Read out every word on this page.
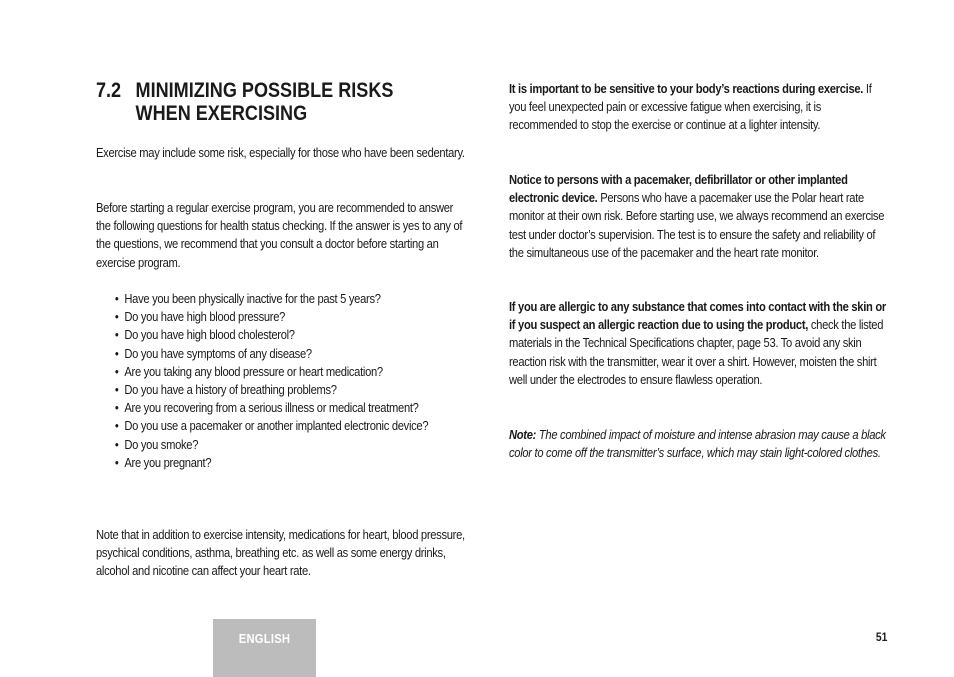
7.2 MINIMIZING POSSIBLE RISKS
WHEN EXERCISING

Exercise may include some risk, especially for those who have been sedentary.

Before starting a regular exercise program, you are recommended to answer the following questions for health status checking. If the answer is yes to any of the questions, we recommend that you consult a doctor before starting an exercise program.

• Have you been physically inactive for the past 5 years?
• Do you have high blood pressure?
• Do you have high blood cholesterol?
• Do you have symptoms of any disease?
• Are you taking any blood pressure or heart medication?
• Do you have a history of breathing problems?
• Are you recovering from a serious illness or medical treatment?
• Do you use a pacemaker or another implanted electronic device?
• Do you smoke?
• Are you pregnant?

Note that in addition to exercise intensity, medications for heart, blood pressure, psychical conditions, asthma, breathing etc. as well as some energy drinks, alcohol and nicotine can affect your heart rate.

It is important to be sensitive to your body’s reactions during exercise. If you feel unexpected pain or excessive fatigue when exercising, it is recommended to stop the exercise or continue at a lighter intensity.

Notice to persons with a pacemaker, defibrillator or other implanted electronic device. Persons who have a pacemaker use the Polar heart rate monitor at their own risk. Before starting use, we always recommend an exercise test under doctor’s supervision. The test is to ensure the safety and reliability of the simultaneous use of the pacemaker and the heart rate monitor.

If you are allergic to any substance that comes into contact with the skin or if you suspect an allergic reaction due to using the product, check the listed materials in the Technical Specifications chapter, page 53. To avoid any skin reaction risk with the transmitter, wear it over a shirt. However, moisten the shirt well under the electrodes to ensure flawless operation.

Note: The combined impact of moisture and intense abrasion may cause a black color to come off the transmitter’s surface, which may stain light-colored clothes.

ENGLISH	51
